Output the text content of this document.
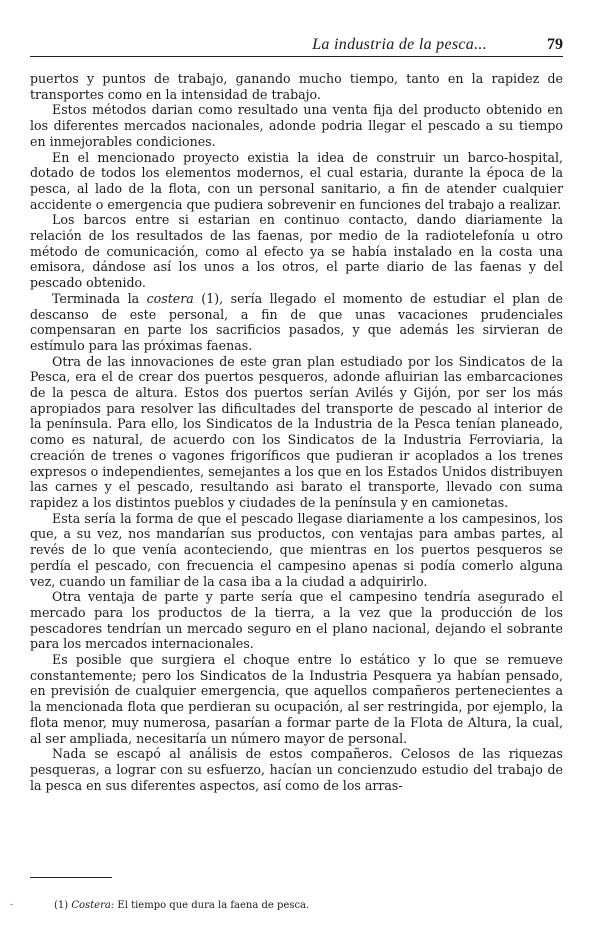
La industria de la pesca...	79

puertos y puntos de trabajo, ganando mucho tiempo, tanto en la rapidez de transportes como en la intensidad de trabajo.

Estos métodos darian como resultado una venta fija del producto obtenido en los diferentes mercados nacionales, adonde podria llegar el pescado a su tiempo en inmejorables condiciones.

En el mencionado proyecto existia la idea de construir un barco-hospital, dotado de todos los elementos modernos, el cual estaria, durante la época de la pesca, al lado de la flota, con un personal sanitario, a fin de atender cualquier accidente o emergencia que pudiera sobrevenir en funciones del trabajo a realizar.

Los barcos entre si estarian en continuo contacto, dando diariamente la relación de los resultados de las faenas, por medio de la radiotelefonía u otro método de comunicación, como al efecto ya se había instalado en la costa una emisora, dándose así los unos a los otros, el parte diario de las faenas y del pescado obtenido.

Terminada la costera (1), sería llegado el momento de estudiar el plan de descanso de este personal, a fin de que unas vacaciones prudenciales compensaran en parte los sacrificios pasados, y que además les sirvieran de estímulo para las próximas faenas.

Otra de las innovaciones de este gran plan estudiado por los Sindicatos de la Pesca, era el de crear dos puertos pesqueros, adonde afluirian las embarcaciones de la pesca de altura. Estos dos puertos serían Avilés y Gijón, por ser los más apropiados para resolver las dificultades del transporte de pescado al interior de la península. Para ello, los Sindicatos de la Industria de la Pesca tenían planeado, como es natural, de acuerdo con los Sindicatos de la Industria Ferroviaria, la creación de trenes o vagones frigoríficos que pudieran ir acoplados a los trenes expresos o independientes, semejantes a los que en los Estados Unidos distribuyen las carnes y el pescado, resultando asi barato el transporte, llevado con suma rapidez a los distintos pueblos y ciudades de la península y en camionetas.

Esta sería la forma de que el pescado llegase diariamente a los campesinos, los que, a su vez, nos mandarían sus productos, con ventajas para ambas partes, al revés de lo que venía aconteciendo, que mientras en los puertos pesqueros se perdía el pescado, con frecuencia el campesino apenas si podía comerlo alguna vez, cuando un familiar de la casa iba a la ciudad a adquirirlo.

Otra ventaja de parte y parte sería que el campesino tendría asegurado el mercado para los productos de la tierra, a la vez que la producción de los pescadores tendrían un mercado seguro en el plano nacional, dejando el sobrante para los mercados internacionales.

Es posible que surgiera el choque entre lo estático y lo que se remueve constantemente; pero los Sindicatos de la Industria Pesquera ya habían pensado, en previsión de cualquier emergencia, que aquellos compañeros pertenecientes a la mencionada flota que perdieran su ocupación, al ser restringida, por ejemplo, la flota menor, muy numerosa, pasarían a formar parte de la Flota de Altura, la cual, al ser ampliada, necesitaría un número mayor de personal.

Nada se escapó al análisis de estos compañeros. Celosos de las riquezas pesqueras, a lograr con su esfuerzo, hacían un concienzudo estudio del trabajo de la pesca en sus diferentes aspectos, así como de los arras-

-	(1) Costera: El tiempo que dura la faena de pesca.
